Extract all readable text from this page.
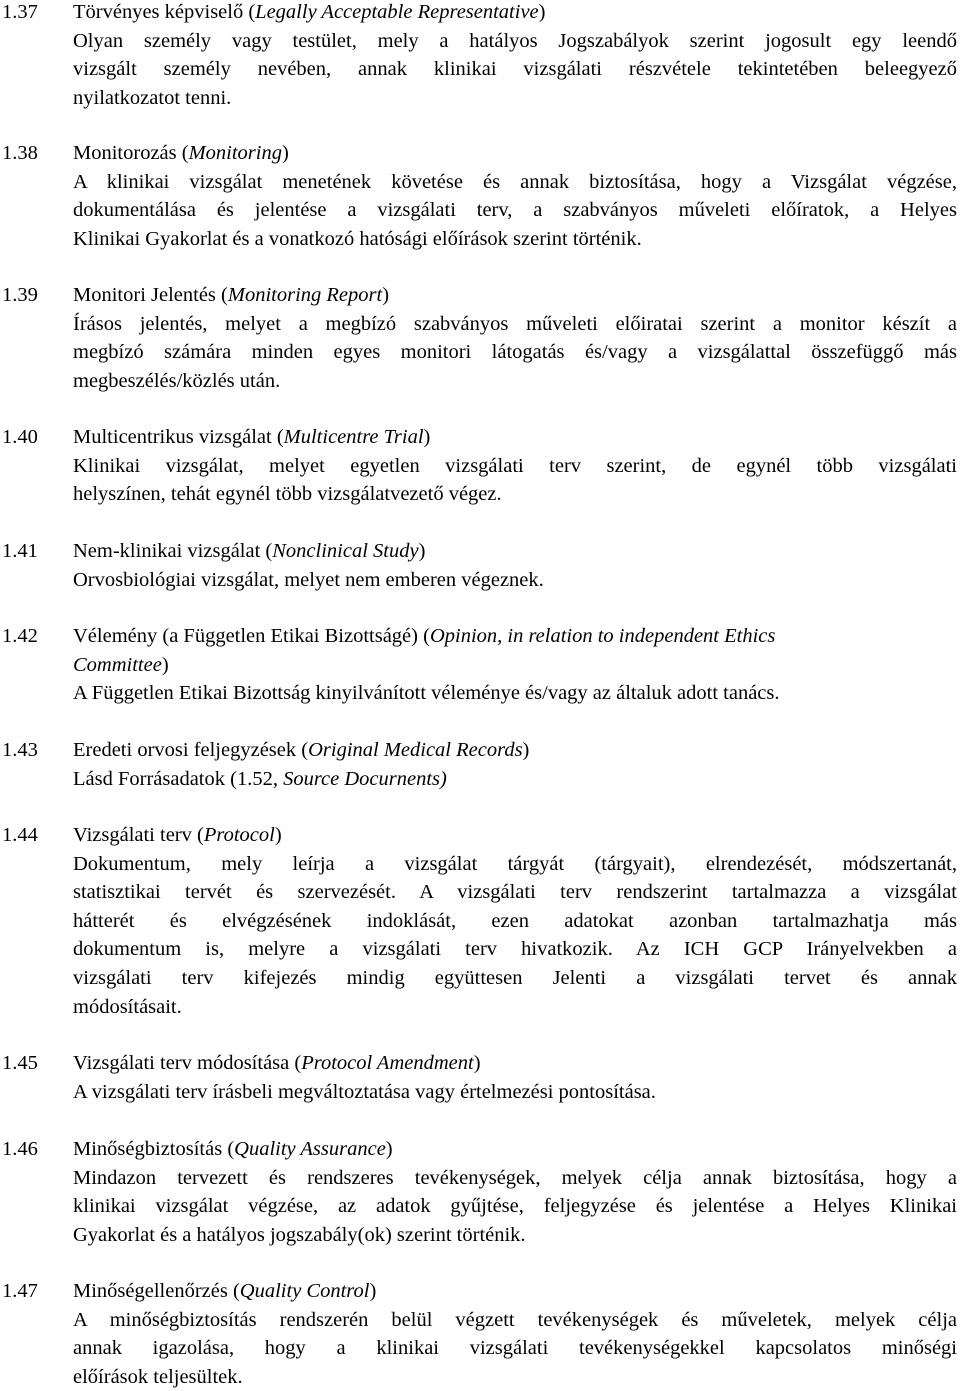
1.37 Törvényes képviselő (Legally Acceptable Representative)
Olyan személy vagy testület, mely a hatályos Jogszabályok szerint jogosult egy leendő
vizsgált személy nevében, annak klinikai vizsgálati részvétele tekintetében beleegyező
nyilatkozatot tenni.
1.38 Monitorozás (Monitoring)
A klinikai vizsgálat menetének követése és annak biztosítása, hogy a Vizsgálat végzése,
dokumentálása és jelentése a vizsgálati terv, a szabványos műveleti előíratok, a Helyes
Klinikai Gyakorlat és a vonatkozó hatósági előírások szerint történik.
1.39 Monitori Jelentés (Monitoring Report)
Írásos jelentés, melyet a megbízó szabványos műveleti előiratai szerint a monitor készít a
megbízó számára minden egyes monitori látogatás és/vagy a vizsgálattal összefüggő más
megbeszélés/közlés után.
1.40 Multicentrikus vizsgálat (Multicentre Trial)
Klinikai vizsgálat, melyet egyetlen vizsgálati terv szerint, de egynél több vizsgálati
helyszínen, tehát egynél több vizsgálatvezető végez.
1.41 Nem-klinikai vizsgálat (Nonclinical Study)
Orvosbiológiai vizsgálat, melyet nem emberen végeznek.
1.42 Vélemény (a Független Etikai Bizottságé) (Opinion, in relation to independent Ethics
Committee)
A Független Etikai Bizottság kinyilvánított véleménye és/vagy az általuk adott tanács.
1.43 Eredeti orvosi feljegyzések (Original Medical Records)
Lásd Forrásadatok (1.52, Source Docurnents)
1.44 Vizsgálati terv (Protocol)
Dokumentum, mely leírja a vizsgálat tárgyát (tárgyait), elrendezését, módszertanát,
statisztikai tervét és szervezését. A vizsgálati terv rendszerint tartalmazza a vizsgálat
hátterét és elvégzésének indoklását, ezen adatokat azonban tartalmazhatja más
dokumentum is, melyre a vizsgálati terv hivatkozik. Az ICH GCP Irányelvekben a
vizsgálati terv kifejezés mindig együttesen Jelenti a vizsgálati tervet és annak
módosításait.
1.45 Vizsgálati terv módosítása (Protocol Amendment)
A vizsgálati terv írásbeli megváltoztatása vagy értelmezési pontosítása.
1.46 Minőségbiztosítás (Quality Assurance)
Mindazon tervezett és rendszeres tevékenységek, melyek célja annak biztosítása, hogy a
klinikai vizsgálat végzése, az adatok gyűjtése, feljegyzése és jelentése a Helyes Klinikai
Gyakorlat és a hatályos jogszabály(ok) szerint történik.
1.47 Minőségellenőrzés (Quality Control)
A minőségbiztosítás rendszerén belül végzett tevékenységek és műveletek, melyek célja
annak igazolása, hogy a klinikai vizsgálati tevékenységekkel kapcsolatos minőségi
előírások teljesültek.
